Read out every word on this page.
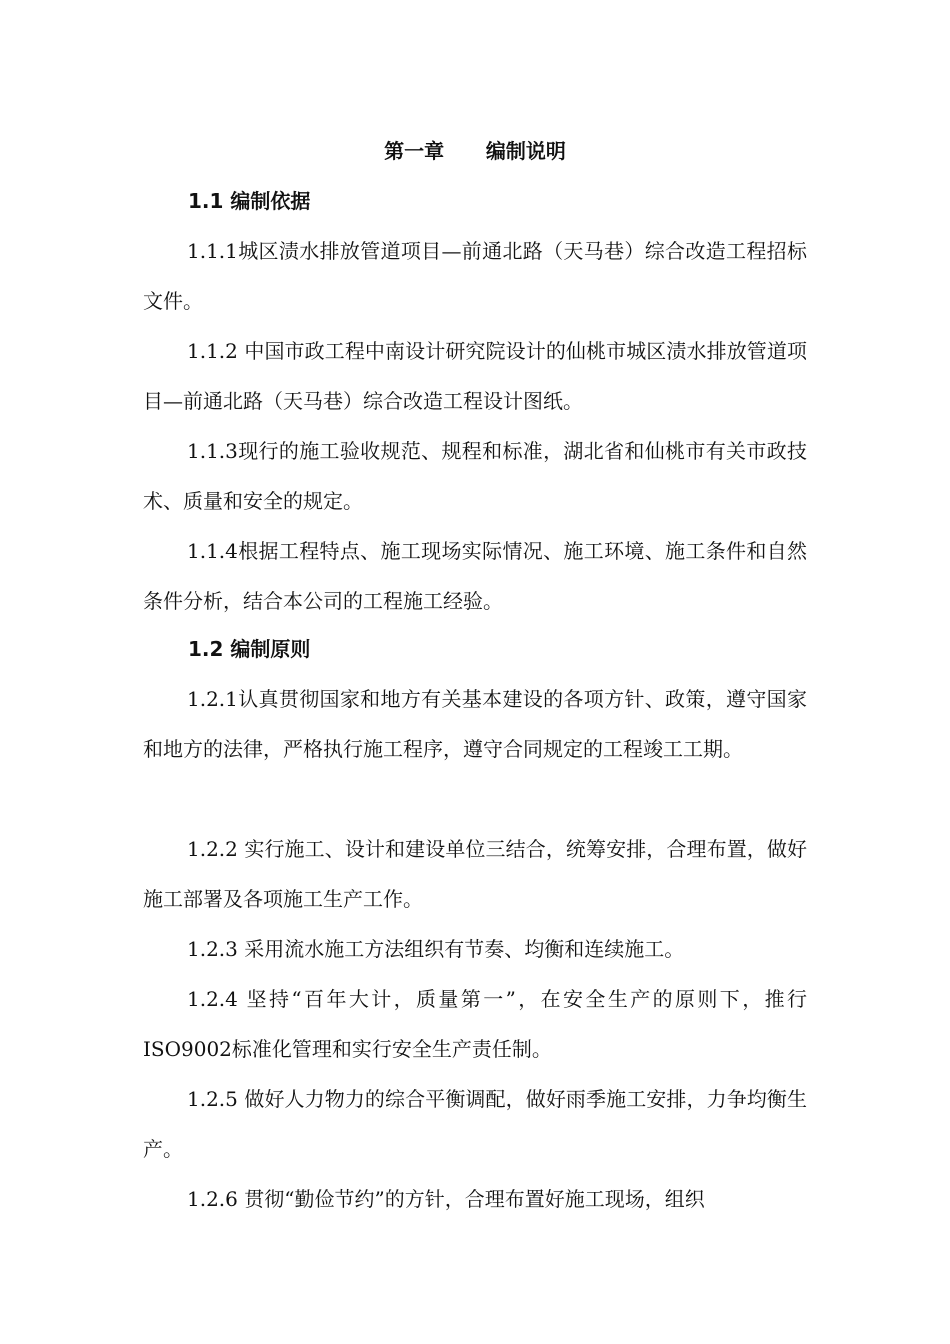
第一章      编制说明
1.1 编制依据
1.1.1城区渍水排放管道项目—前通北路（天马巷）综合改造工程招标文件。
1.1.2 中国市政工程中南设计研究院设计的仙桃市城区渍水排放管道项目—前通北路（天马巷）综合改造工程设计图纸。
1.1.3现行的施工验收规范、规程和标准，湖北省和仙桃市有关市政技术、质量和安全的规定。
1.1.4根据工程特点、施工现场实际情况、施工环境、施工条件和自然条件分析，结合本公司的工程施工经验。
1.2 编制原则
1.2.1认真贯彻国家和地方有关基本建设的各项方针、政策，遵守国家和地方的法律，严格执行施工程序，遵守合同规定的工程竣工工期。
1.2.2 实行施工、设计和建设单位三结合，统筹安排，合理布置，做好施工部署及各项施工生产工作。
1.2.3 采用流水施工方法组织有节奏、均衡和连续施工。
1.2.4 坚持“百年大计，质量第一”，在安全生产的原则下，推行ISO9002标准化管理和实行安全生产责任制。
1.2.5 做好人力物力的综合平衡调配，做好雨季施工安排，力争均衡生产。
1.2.6 贯彻“勤俭节约”的方针，合理布置好施工现场，组织
